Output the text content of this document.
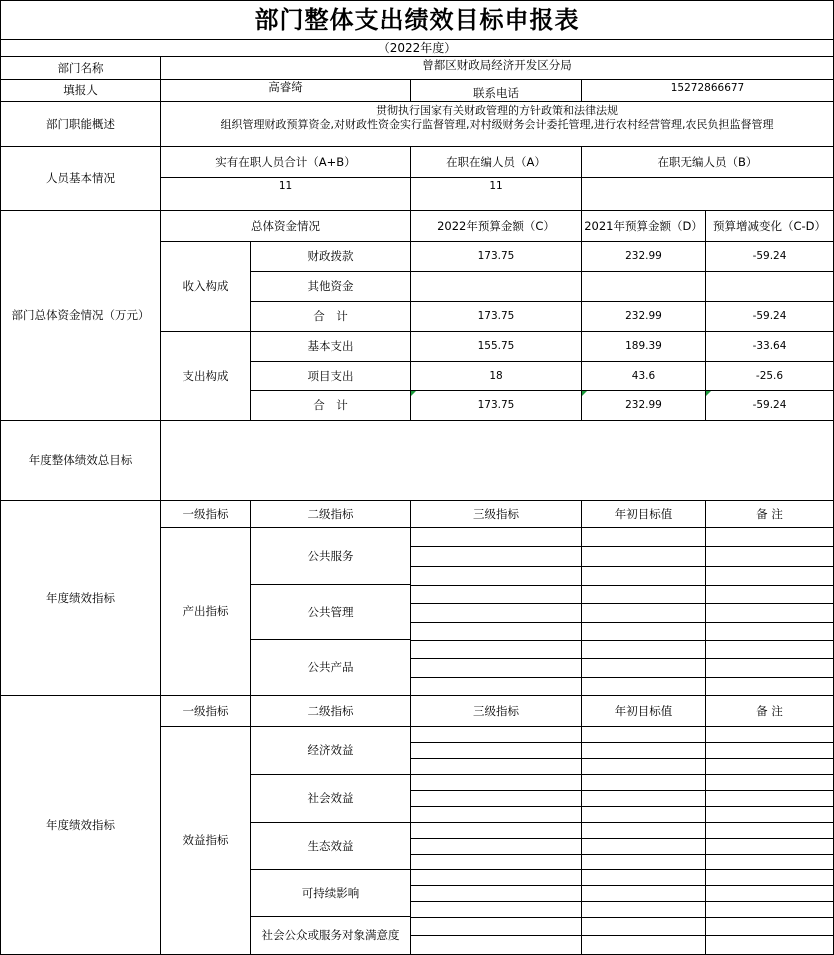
部门整体支出绩效目标申报表
（2022年度）
部门名称	曾都区财政局经济开发区分局
填报人	高睿绮	联系电话	15272866677
部门职能概述
贯彻执行国家有关财政管理的方针政策和法律法规
组织管理财政预算资金,对财政性资金实行监督管理,对村级财务会计委托管理,进行农村经营管理,农民负担监督管理
人员基本情况
实有在职人员合计（A+B）	在职在编人员（A）	在职无编人员（B）
11	11
部门总体资金情况（万元）
总体资金情况	2022年预算金额（C）	2021年预算金额（D） 预算增减变化（C-D）
收入构成
财政拨款	173.75	232.99	-59.24
其他资金
合　计	173.75	232.99	-59.24
支出构成
基本支出	155.75	189.39	-33.64
项目支出	18	43.6	-25.6
合　计	173.75	232.99	-59.24
年度整体绩效总目标
年度绩效指标
一级指标	二级指标	三级指标	年初目标值	备 注
产出指标
公共服务
公共管理
公共产品
年度绩效指标
一级指标	二级指标	三级指标	年初目标值	备 注
效益指标
经济效益
社会效益
生态效益
可持续影响
社会公众或服务对象满意度
